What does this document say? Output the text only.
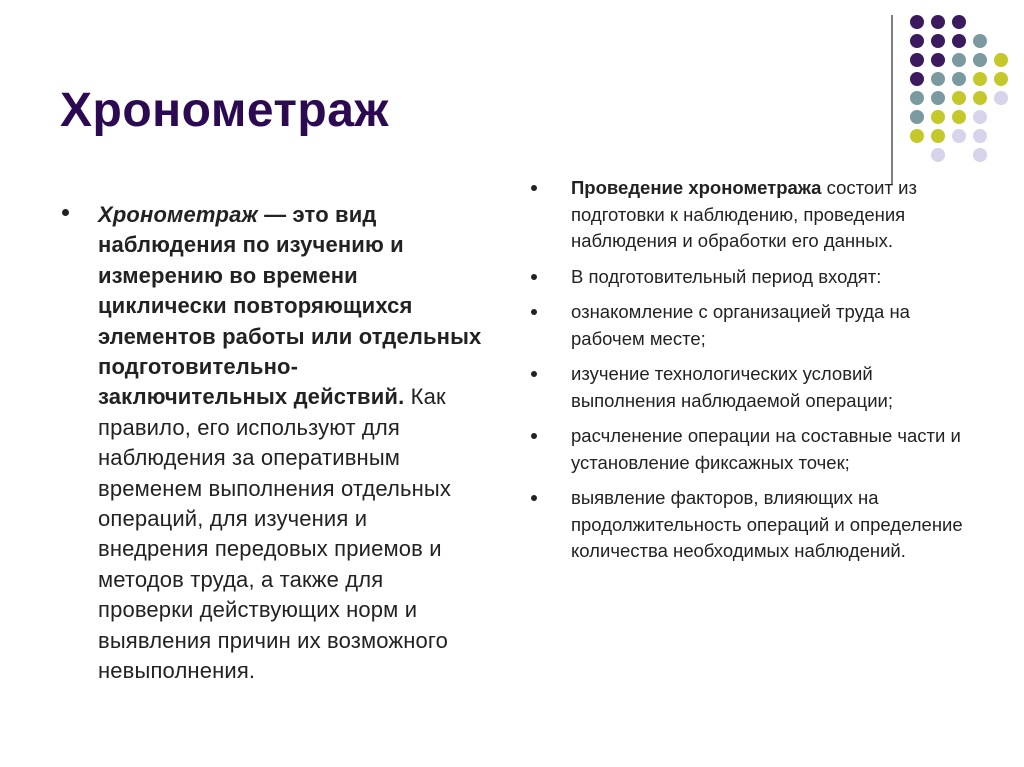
Хронометраж
Хронометраж — это вид наблюдения по изучению и измерению во времени циклически повторяющихся элементов работы или отдельных подготовительно-заключительных действий. Как правило, его используют для наблюдения за оперативным временем выполнения отдельных операций, для изучения и внедрения передовых приемов и методов труда, а также для проверки действующих норм и выявления причин их возможного невыполнения.
Проведение хронометража состоит из подготовки к наблюдению, проведения наблюдения и обработки его данных.
В подготовительный период входят:
ознакомление с организацией труда на рабочем месте;
изучение технологических условий выполнения наблюдаемой операции;
расчленение операции на составные части и установление фиксажных точек;
выявление факторов, влияющих на продолжительность операций и определение количества необходимых наблюдений.
